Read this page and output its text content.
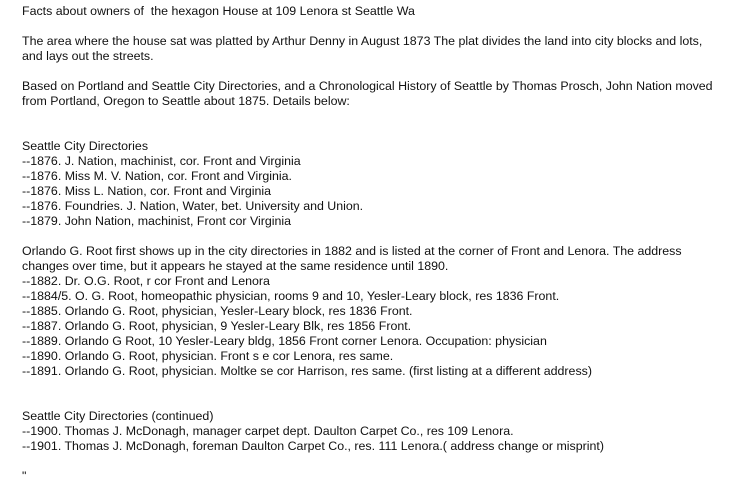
Facts about owners of  the hexagon House at 109 Lenora st Seattle Wa
The area where the house sat was platted by Arthur Denny in August 1873 The plat divides the land into city blocks and lots, and lays out the streets.
Based on Portland and Seattle City Directories, and a Chronological History of Seattle by Thomas Prosch, John Nation moved from Portland, Oregon to Seattle about 1875. Details below:
Seattle City Directories
--1876. J. Nation, machinist, cor. Front and Virginia
--1876. Miss M. V. Nation, cor. Front and Virginia.
--1876. Miss L. Nation, cor. Front and Virginia
--1876. Foundries. J. Nation, Water, bet. University and Union.
--1879. John Nation, machinist, Front cor Virginia
Orlando G. Root first shows up in the city directories in 1882 and is listed at the corner of Front and Lenora. The address changes over time, but it appears he stayed at the same residence until 1890.
--1882. Dr. O.G. Root, r cor Front and Lenora
--1884/5. O. G. Root, homeopathic physician, rooms 9 and 10, Yesler-Leary block, res 1836 Front.
--1885. Orlando G. Root, physician, Yesler-Leary block, res 1836 Front.
--1887. Orlando G. Root, physician, 9 Yesler-Leary Blk, res 1856 Front.
--1889. Orlando G Root, 10 Yesler-Leary bldg, 1856 Front corner Lenora. Occupation: physician
--1890. Orlando G. Root, physician. Front s e cor Lenora, res same.
--1891. Orlando G. Root, physician. Moltke se cor Harrison, res same. (first listing at a different address)
Seattle City Directories (continued)
--1900. Thomas J. McDonagh, manager carpet dept. Daulton Carpet Co., res 109 Lenora.
--1901. Thomas J. McDonagh, foreman Daulton Carpet Co., res. 111 Lenora.( address change or misprint)
"
